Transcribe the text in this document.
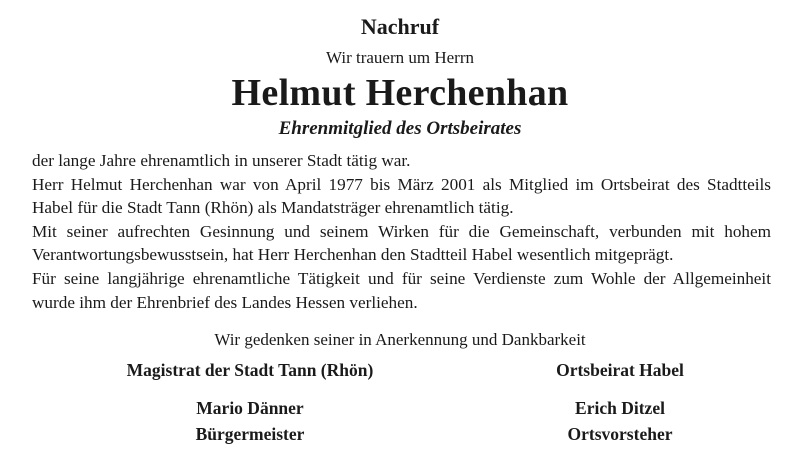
Nachruf
Wir trauern um Herrn
Helmut Herchenhan
Ehrenmitglied des Ortsbeirates

der lange Jahre ehrenamtlich in unserer Stadt tätig war.

Herr Helmut Herchenhan war von April 1977 bis März 2001 als Mitglied im Ortsbeirat des Stadtteils Habel für die Stadt Tann (Rhön) als Mandatsträger ehrenamtlich tätig.

Mit seiner aufrechten Gesinnung und seinem Wirken für die Gemeinschaft, verbunden mit hohem Verantwortungsbewusstsein, hat Herr Herchenhan den Stadtteil Habel wesentlich mitgeprägt.

Für seine langjährige ehrenamtliche Tätigkeit und für seine Verdienste zum Wohle der Allgemeinheit wurde ihm der Ehrenbrief des Landes Hessen verliehen.

Wir gedenken seiner in Anerkennung und Dankbarkeit
Magistrat der Stadt Tann (Rhön)	Ortsbeirat Habel
Mario Dänner	Erich Ditzel
Bürgermeister	Ortsvorsteher
